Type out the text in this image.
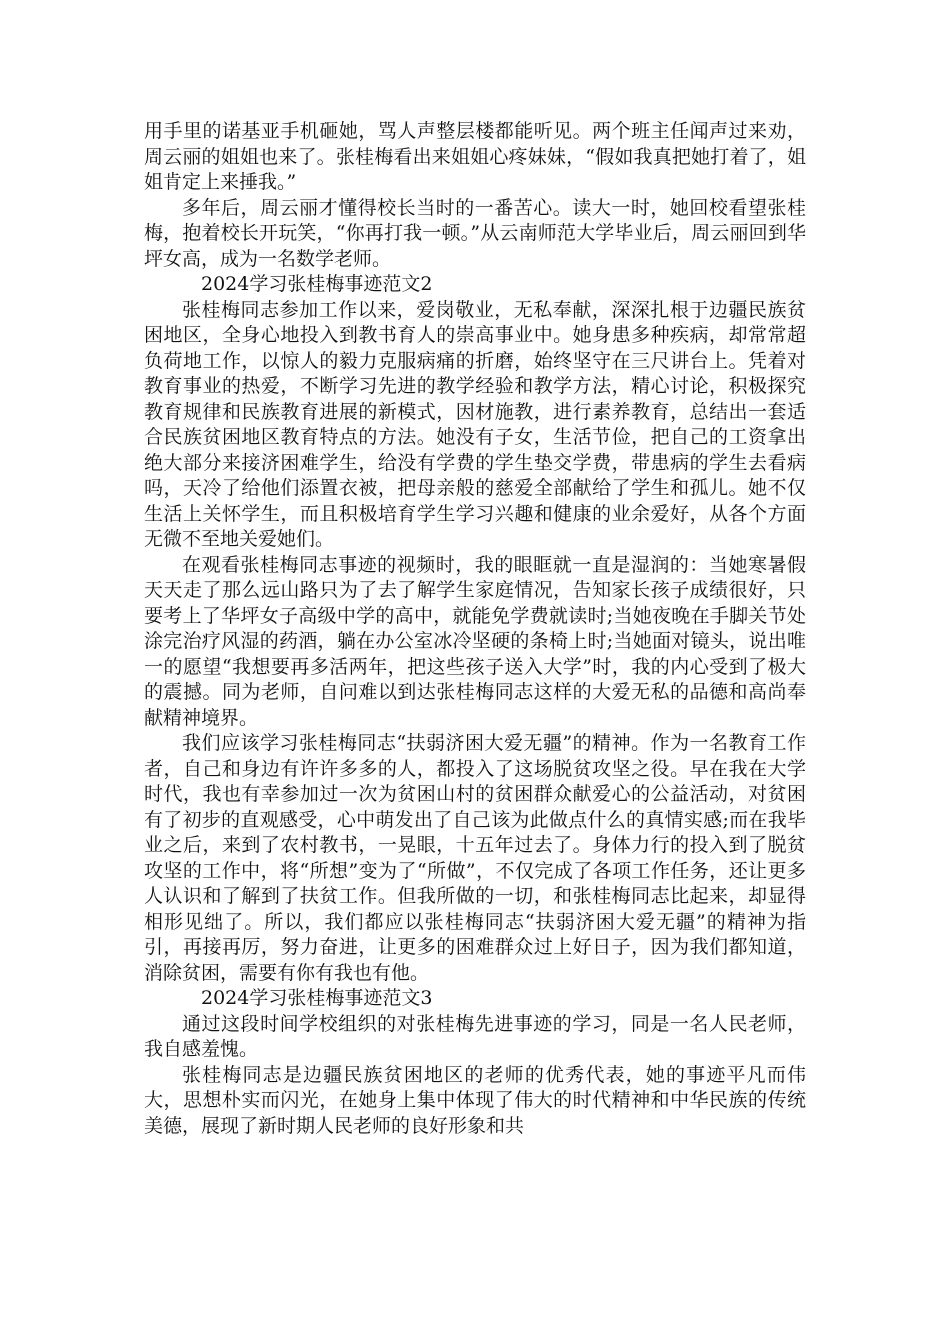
用手里的诺基亚手机砸她，骂人声整层楼都能听见。两个班主任闻声过来劝，周云丽的姐姐也来了。张桂梅看出来姐姐心疼妹妹，“假如我真把她打着了，姐姐肯定上来捶我。”

多年后，周云丽才懂得校长当时的一番苦心。读大一时，她回校看望张桂梅，抱着校长开玩笑，“你再打我一顿。”从云南师范大学毕业后，周云丽回到华坪女高，成为一名数学老师。

2024学习张桂梅事迹范文2

张桂梅同志参加工作以来，爱岗敬业，无私奉献，深深扎根于边疆民族贫困地区，全身心地投入到教书育人的崇高事业中。她身患多种疾病，却常常超负荷地工作，以惊人的毅力克服病痛的折磨，始终坚守在三尺讲台上。凭着对教育事业的热爱，不断学习先进的教学经验和教学方法，精心讨论，积极探究教育规律和民族教育进展的新模式，因材施教，进行素养教育，总结出一套适合民族贫困地区教育特点的方法。她没有子女，生活节俭，把自己的工资拿出绝大部分来接济困难学生，给没有学费的学生垫交学费，带患病的学生去看病吗，天冷了给他们添置衣被，把母亲般的慈爱全部献给了学生和孤儿。她不仅生活上关怀学生，而且积极培育学生学习兴趣和健康的业余爱好，从各个方面无微不至地关爱她们。

在观看张桂梅同志事迹的视频时，我的眼眶就一直是湿润的：当她寒暑假天天走了那么远山路只为了去了解学生家庭情况，告知家长孩子成绩很好，只要考上了华坪女子高级中学的高中，就能免学费就读时;当她夜晚在手脚关节处涂完治疗风湿的药酒，躺在办公室冰冷坚硬的条椅上时;当她面对镜头，说出唯一的愿望“我想要再多活两年，把这些孩子送入大学”时，我的内心受到了极大的震撼。同为老师，自问难以到达张桂梅同志这样的大爱无私的品德和高尚奉献精神境界。

我们应该学习张桂梅同志“扶弱济困大爱无疆”的精神。作为一名教育工作者，自己和身边有许许多多的人，都投入了这场脱贫攻坚之役。早在我在大学时代，我也有幸参加过一次为贫困山村的贫困群众献爱心的公益活动，对贫困有了初步的直观感受，心中萌发出了自己该为此做点什么的真情实感;而在我毕业之后，来到了农村教书，一晃眼，十五年过去了。身体力行的投入到了脱贫攻坚的工作中，将“所想”变为了“所做”，不仅完成了各项工作任务，还让更多人认识和了解到了扶贫工作。但我所做的一切，和张桂梅同志比起来，却显得相形见绌了。所以，我们都应以张桂梅同志“扶弱济困大爱无疆”的精神为指引，再接再厉，努力奋进，让更多的困难群众过上好日子，因为我们都知道，消除贫困，需要有你有我也有他。

2024学习张桂梅事迹范文3

通过这段时间学校组织的对张桂梅先进事迹的学习，同是一名人民老师，我自感羞愧。

张桂梅同志是边疆民族贫困地区的老师的优秀代表，她的事迹平凡而伟大，思想朴实而闪光，在她身上集中体现了伟大的时代精神和中华民族的传统美德，展现了新时期人民老师的良好形象和共
